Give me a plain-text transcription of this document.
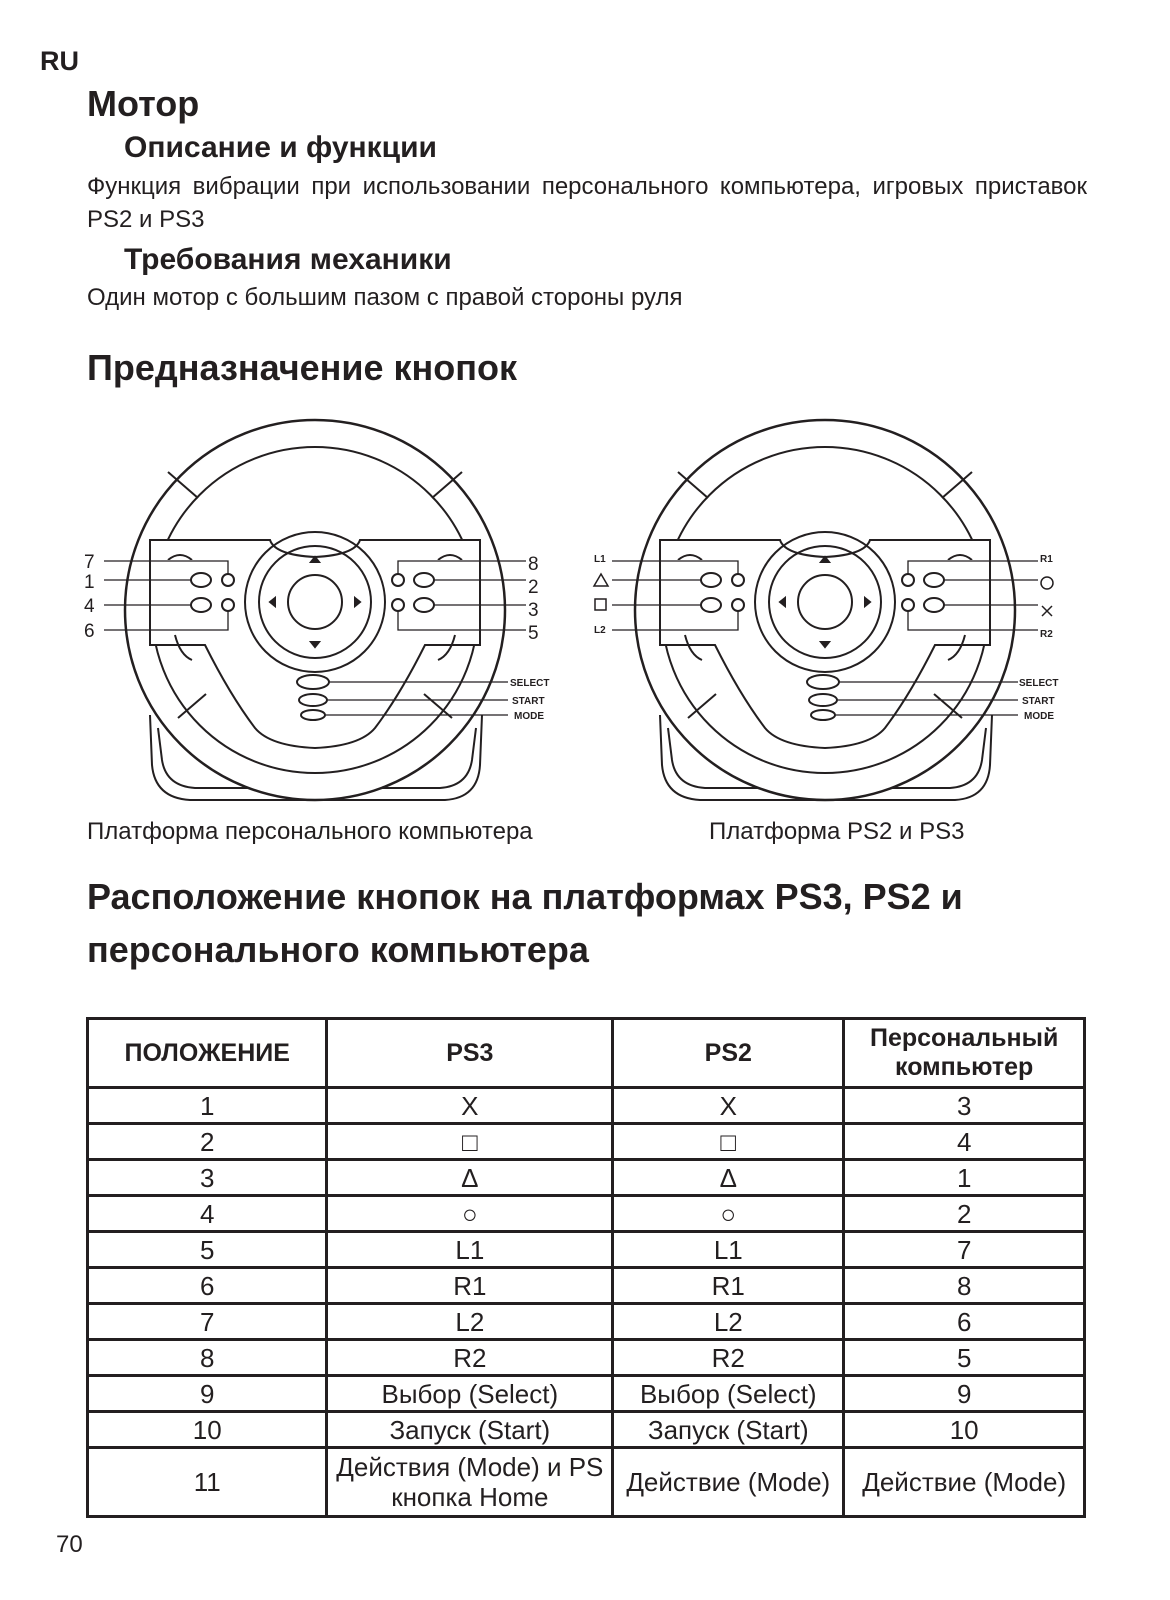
RU
Мотор
Описание и функции
Функция вибрации при использовании персонального компьютера, игровых приставок PS2 и PS3
Требования механики
Один мотор с большим пазом с правой стороны руля
Предназначение кнопок
7
1
4
6
8
2
3
5
SELECT
START
MODE
L1
L2
R1
R2
SELECT
START
MODE
Платформа персонального компьютера	Платформа PS2 и PS3
Расположение кнопок на платформах PS3, PS2 и
персонального компьютера
ПОЛОЖЕНИЕ	PS3	PS2	Персональный компьютер
1	X	X	3
2	□	□	4
3	Δ	Δ	1
4	○	○	2
5	L1	L1	7
6	R1	R1	8
7	L2	L2	6
8	R2	R2	5
9	Выбор (Select)	Выбор (Select)	9
10	Запуск (Start)	Запуск (Start)	10
11	Действия (Mode) и PS кнопка Home	Действие (Mode)	Действие (Mode)
70
